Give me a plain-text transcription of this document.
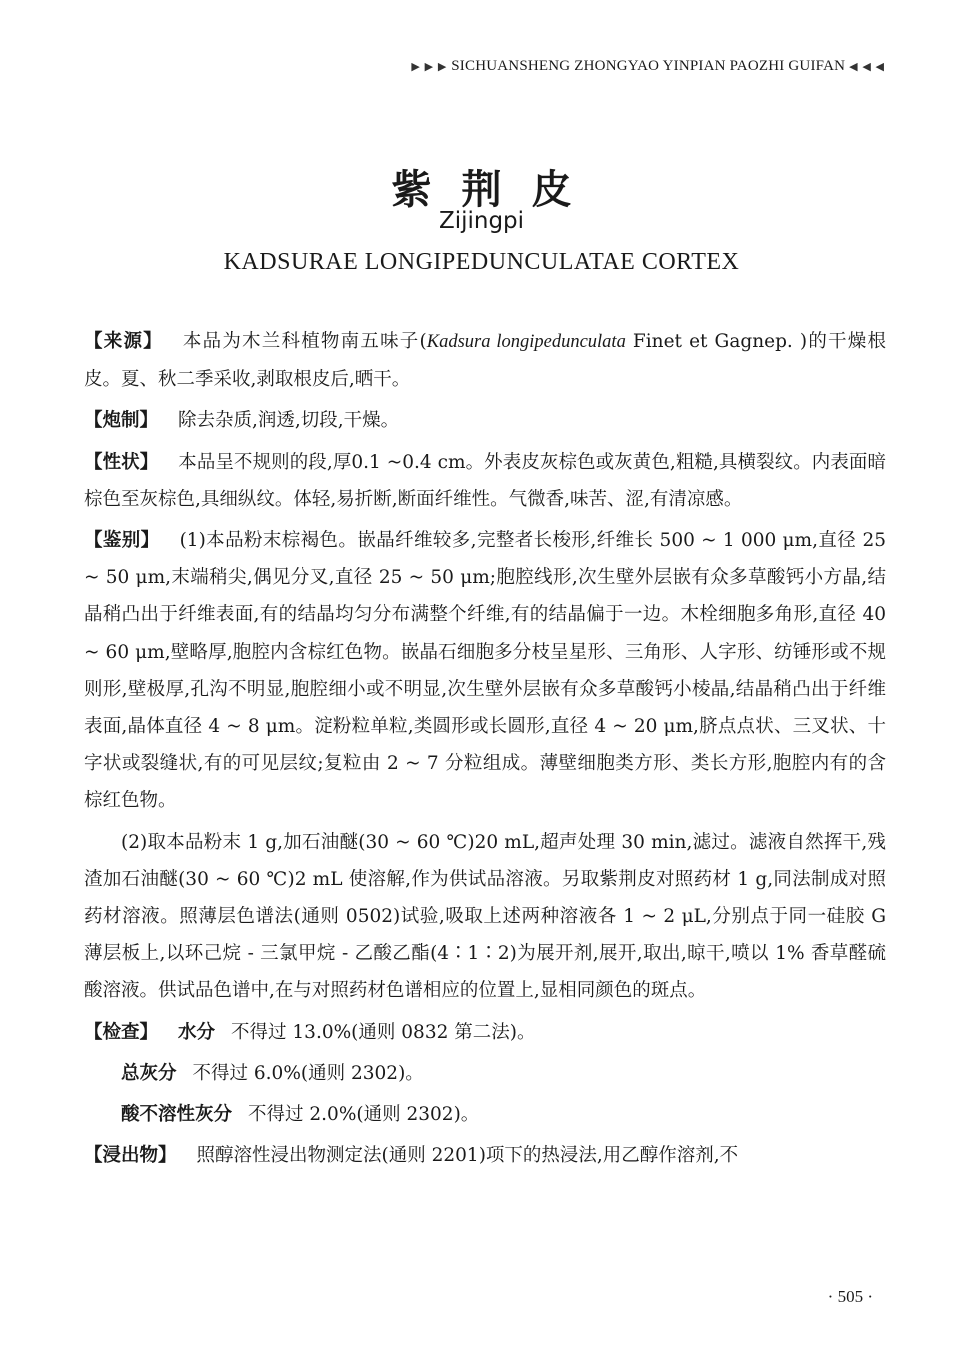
▶ ▶ ▶ SICHUANSHENG ZHONGYAO YINPIAN PAOZHI GUIFAN ◀ ◀ ◀
紫荆皮
Zijingpi
KADSURAE LONGIPEDUNCULATAE CORTEX

【来源】 本品为木兰科植物南五味子(Kadsura longipedunculata Finet et Gagnep. )的干燥根皮。夏、秋二季采收,剥取根皮后,晒干。

【炮制】 除去杂质,润透,切段,干燥。

【性状】 本品呈不规则的段,厚0.1 ~0.4 cm。外表皮灰棕色或灰黄色,粗糙,具横裂纹。内表面暗棕色至灰棕色,具细纵纹。体轻,易折断,断面纤维性。气微香,味苦、涩,有清凉感。

【鉴别】 (1)本品粉末棕褐色。嵌晶纤维较多,完整者长梭形,纤维长 500 ~ 1 000 μm,直径 25 ~ 50 μm,末端稍尖,偶见分叉,直径 25 ~ 50 μm;胞腔线形,次生壁外层嵌有众多草酸钙小方晶,结晶稍凸出于纤维表面,有的结晶均匀分布满整个纤维,有的结晶偏于一边。木栓细胞多角形,直径 40 ~ 60 μm,壁略厚,胞腔内含棕红色物。嵌晶石细胞多分枝呈星形、三角形、人字形、纺锤形或不规则形,壁极厚,孔沟不明显,胞腔细小或不明显,次生壁外层嵌有众多草酸钙小棱晶,结晶稍凸出于纤维表面,晶体直径 4 ~ 8 μm。淀粉粒单粒,类圆形或长圆形,直径 4 ~ 20 μm,脐点点状、三叉状、十字状或裂缝状,有的可见层纹;复粒由 2 ~ 7 分粒组成。薄壁细胞类方形、类长方形,胞腔内有的含棕红色物。

(2)取本品粉末 1 g,加石油醚(30 ~ 60 ℃)20 mL,超声处理 30 min,滤过。滤液自然挥干,残渣加石油醚(30 ~ 60 ℃)2 mL 使溶解,作为供试品溶液。另取紫荆皮对照药材 1 g,同法制成对照药材溶液。照薄层色谱法(通则 0502)试验,吸取上述两种溶液各 1 ~ 2 μL,分别点于同一硅胶 G 薄层板上,以环己烷 - 三氯甲烷 - 乙酸乙酯(4∶1∶2)为展开剂,展开,取出,晾干,喷以 1% 香草醛硫酸溶液。供试品色谱中,在与对照药材色谱相应的位置上,显相同颜色的斑点。

【检查】 水分 不得过 13.0%(通则 0832 第二法)。

总灰分 不得过 6.0%(通则 2302)。

酸不溶性灰分 不得过 2.0%(通则 2302)。

【浸出物】 照醇溶性浸出物测定法(通则 2201)项下的热浸法,用乙醇作溶剂,不

· 505 ·
